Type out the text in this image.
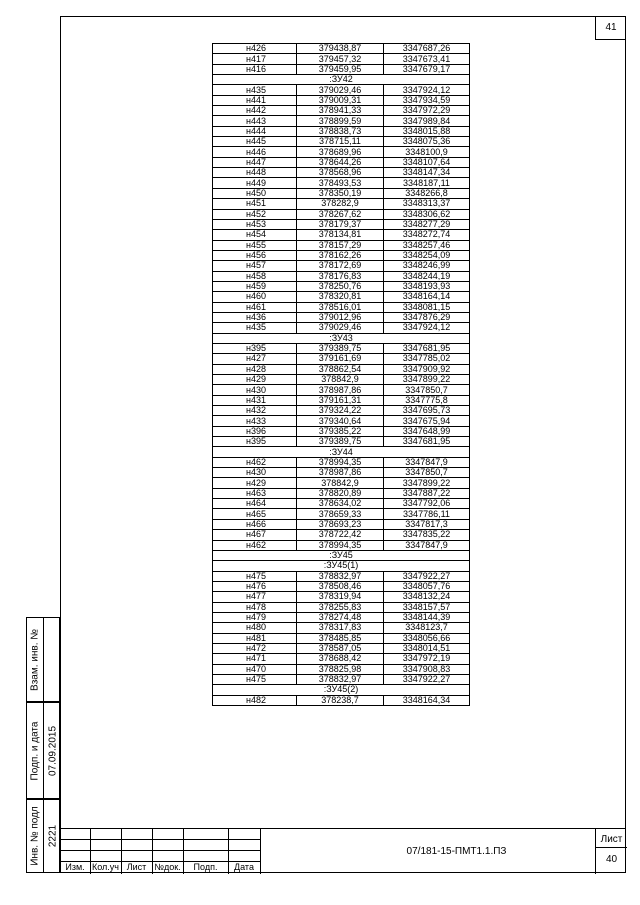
41
н426	379438,87	3347687,26
н417	379457,32	3347673,41
н416	379459,95	3347679,17
:ЗУ42		
н435	379029,46	3347924,12
н441	379009,31	3347934,59
н442	378941,33	3347972,29
н443	378899,59	3347989,84
н444	378838,73	3348015,88
н445	378715,11	3348075,36
н446	378689,96	3348100,9
н447	378644,26	3348107,64
н448	378568,96	3348147,34
н449	378493,53	3348187,11
н450	378350,19	3348266,8
н451	378282,9	3348313,37
н452	378267,62	3348306,62
н453	378179,37	3348277,29
н454	378134,81	3348272,74
н455	378157,29	3348257,46
н456	378162,26	3348254,09
н457	378172,69	3348246,99
н458	378176,83	3348244,19
н459	378250,76	3348193,93
н460	378320,81	3348164,14
н461	378516,01	3348081,15
н436	379012,96	3347876,29
н435	379029,46	3347924,12
:ЗУ43		
н395	379389,75	3347681,95
н427	379161,69	3347785,02
н428	378862,54	3347909,92
н429	378842,9	3347899,22
н430	378987,86	3347850,7
н431	379161,31	3347775,8
н432	379324,22	3347695,73
н433	379340,64	3347675,94
н396	379385,22	3347648,99
н395	379389,75	3347681,95
:ЗУ44		
н462	378994,35	3347847,9
н430	378987,86	3347850,7
н429	378842,9	3347899,22
н463	378820,89	3347887,22
н464	378634,02	3347792,06
н465	378659,33	3347786,11
н466	378693,23	3347817,3
н467	378722,42	3347835,22
н462	378994,35	3347847,9
:ЗУ45		
:ЗУ45(1)		
н475	378832,97	3347922,27
н476	378508,46	3348057,76
н477	378319,94	3348132,24
н478	378255,83	3348157,57
н479	378274,48	3348144,39
н480	378317,83	3348123,7
н481	378485,85	3348056,66
н472	378587,05	3348014,51
н471	378688,42	3347972,19
н470	378825,98	3347908,83
н475	378832,97	3347922,27
:ЗУ45(2)		
н482	378238,7	3348164,34
Взам. инв. №
Подп. и дата 07.09.2015
Инв. № подл 2221
Изм. Кол.уч Лист №док.	Подп.	Дата
07/181-15-ПМТ1.1.ПЗ
Лист
40
